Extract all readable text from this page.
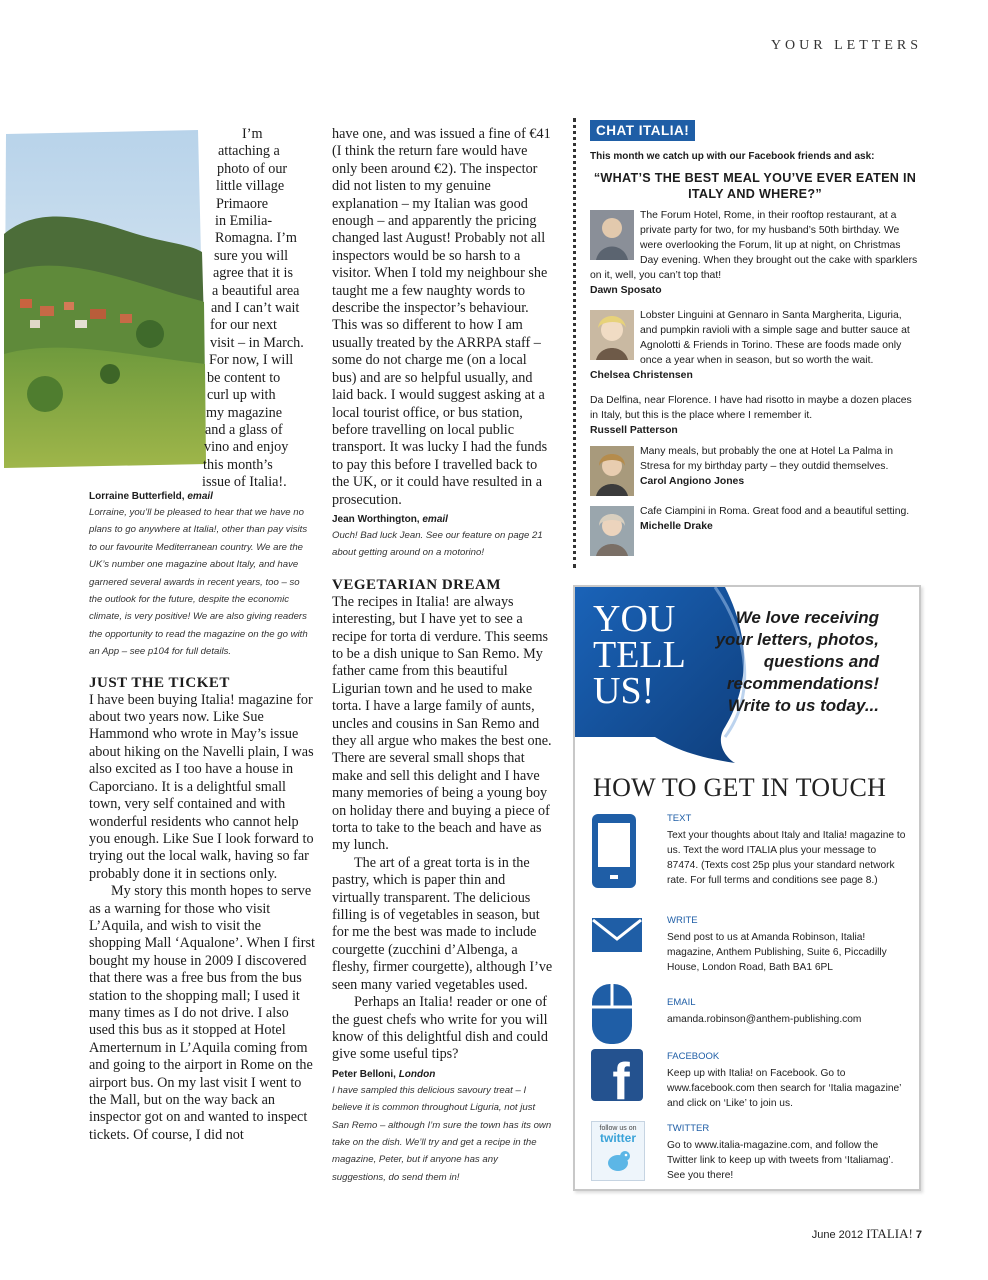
YOUR LETTERS
I’m
attaching a
photo of our
little village
Primaore
in Emilia-
Romagna. I’m
sure you will
agree that it is
a beautiful area
and I can’t wait
for our next
visit – in March.
For now, I will
be content to
curl up with
my magazine
and a glass of
vino and enjoy
this month’s
issue of Italia!.
Lorraine Butterfield, email

Lorraine, you’ll be pleased to hear that we have no plans to go anywhere at Italia!, other than pay visits to our favourite Mediterranean country. We are the UK’s number one magazine about Italy, and have garnered several awards in recent years, too – so the outlook for the future, despite the economic climate, is very positive! We are also giving readers the opportunity to read the magazine on the go with an App – see p104 for full details.

JUST THE TICKET

I have been buying Italia! magazine for about two years now. Like Sue Hammond who wrote in May’s issue about hiking on the Navelli plain, I was also excited as I too have a house in Caporciano. It is a delightful small town, very self contained and with wonderful residents who cannot help you enough. Like Sue I look forward to trying out the local walk, having so far probably done it in sections only.

My story this month hopes to serve as a warning for those who visit L’Aquila, and wish to visit the shopping Mall ‘Aqualone’. When I first bought my house in 2009 I discovered that there was a free bus from the bus station to the shopping mall; I used it many times as I do not drive. I also used this bus as it stopped at Hotel Amerternum in L’Aquila coming from and going to the airport in Rome on the airport bus. On my last visit I went to the Mall, but on the way back an inspector got on and wanted to inspect tickets. Of course, I did not

have one, and was issued a fine of €41 (I think the return fare would have only been around €2). The inspector did not listen to my genuine explanation – my Italian was good enough – and apparently the pricing changed last August! Probably not all inspectors would be so harsh to a visitor. When I told my neighbour she taught me a few naughty words to describe the inspector’s behaviour. This was so different to how I am usually treated by the ARRPA staff – some do not charge me (on a local bus) and are so helpful usually, and laid back. I would suggest asking at a local tourist office, or bus station, before travelling on local public transport. It was lucky I had the funds to pay this before I travelled back to the UK, or it could have resulted in a prosecution.

Jean Worthington, email

Ouch! Bad luck Jean. See our feature on page 21 about getting around on a motorino!

VEGETARIAN DREAM

The recipes in Italia! are always interesting, but I have yet to see a recipe for torta di verdure. This seems to be a dish unique to San Remo. My father came from this beautiful Ligurian town and he used to make torta. I have a large family of aunts, uncles and cousins in San Remo and they all argue who makes the best one. There are several small shops that make and sell this delight and I have many memories of being a young boy on holiday there and buying a piece of torta to take to the beach and have as my lunch.

The art of a great torta is in the pastry, which is paper thin and virtually transparent. The delicious filling is of vegetables in season, but for me the best was made to include courgette (zucchini d’Albenga, a fleshy, firmer courgette), although I’ve seen many varied vegetables used.

Perhaps an Italia! reader or one of the guest chefs who write for you will know of this delightful dish and could give some useful tips?

Peter Belloni, London

I have sampled this delicious savoury treat – I believe it is common throughout Liguria, not just San Remo – although I’m sure the town has its own take on the dish. We’ll try and get a recipe in the magazine, Peter, but if anyone has any suggestions, do send them in!

CHAT ITALIA!
This month we catch up with our Facebook friends and ask:
“WHAT’S THE BEST MEAL YOU’VE EVER EATEN IN ITALY AND WHERE?”
The Forum Hotel, Rome, in their rooftop restaurant, at a private party for two, for my husband’s 50th birthday. We were overlooking the Forum, lit up at night, on Christmas Day evening. When they brought out the cake with sparklers on it, well, you can’t top that!
Dawn Sposato
Lobster Linguini at Gennaro in Santa Margherita, Liguria, and pumpkin ravioli with a simple sage and butter sauce at Agnolotti & Friends in Torino. These are foods made only once a year when in season, but so worth the wait.
Chelsea Christensen
Da Delfina, near Florence. I have had risotto in maybe a dozen places in Italy, but this is the place where I remember it.
Russell Patterson
Many meals, but probably the one at Hotel La Palma in Stresa for my birthday party – they outdid themselves.
Carol Angiono Jones
Cafe Ciampini in Roma. Great food and a beautiful setting.
Michelle Drake
YOU
TELL
US!
We love receiving your letters, photos, questions and recommendations! Write to us today...
HOW TO GET IN TOUCH
TEXT
Text your thoughts about Italy and Italia! magazine to us. Text the word ITALIA plus your message to 87474. (Texts cost 25p plus your standard network rate. For full terms and conditions see page 8.)
WRITE
Send post to us at Amanda Robinson, Italia! magazine, Anthem Publishing, Suite 6, Piccadilly House, London Road, Bath BA1 6PL
EMAIL
amanda.robinson@anthem-publishing.com
f	FACEBOOK
Keep up with Italia! on Facebook. Go to www.facebook.com then search for ‘Italia magazine’ and click on ‘Like’ to join us.
follow us on
twitter
TWITTER
Go to www.italia-magazine.com, and follow the Twitter link to keep up with tweets from ‘Italiamag’. See you there!
June 2012 ITALIA! 7
